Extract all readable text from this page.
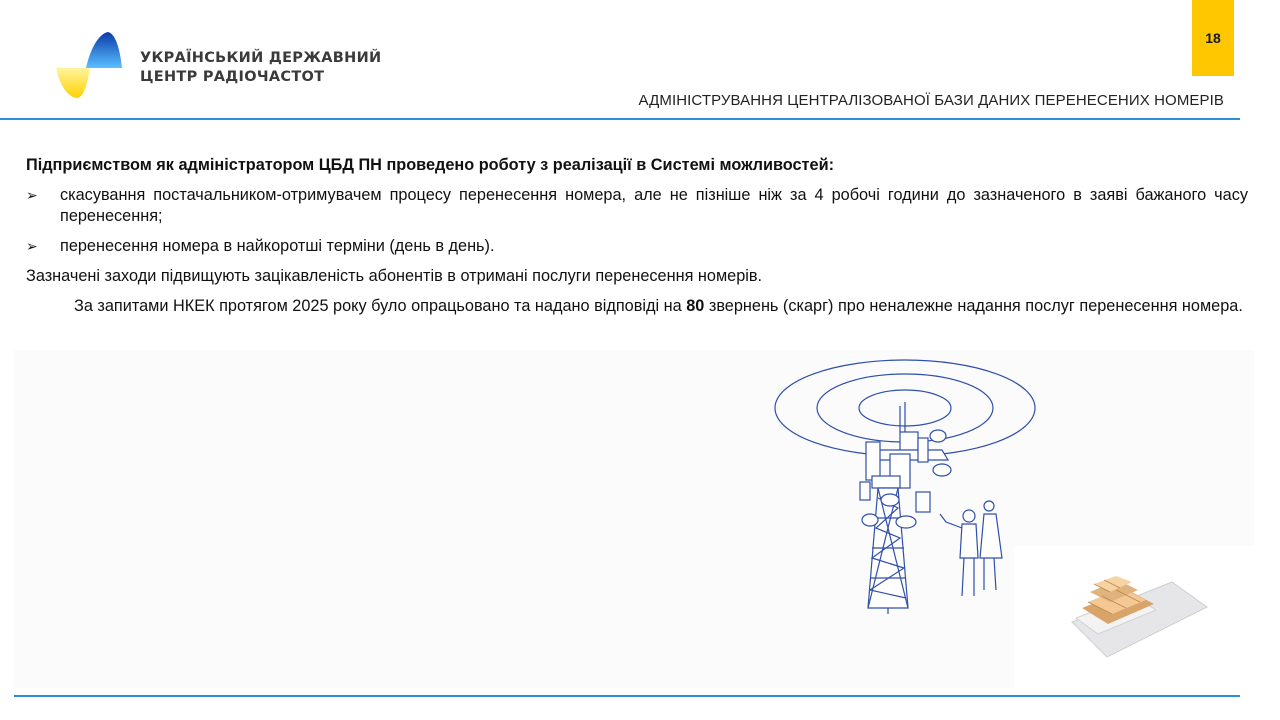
УКРАЇНСЬКИЙ ДЕРЖАВНИЙ
ЦЕНТР РАДІОЧАСТОТ
18
АДМІНІСТРУВАННЯ ЦЕНТРАЛІЗОВАНОЇ БАЗИ ДАНИХ ПЕРЕНЕСЕНИХ НОМЕРІВ

Підприємством як адміністратором ЦБД ПН проведено роботу з реалізації в Системі можливостей:

➢ скасування постачальником-отримувачем процесу перенесення номера, але не пізніше ніж за 4 робочі години до зазначеного в заяві бажаного часу перенесення;
➢ перенесення номера в найкоротші терміни (день в день).

Зазначені заходи підвищують зацікавленість абонентів в отримані послуги перенесення номерів.

За запитами НКЕК протягом 2025 року було опрацьовано та надано відповіді на 80 звернень (скарг) про неналежне надання послуг перенесення номера.
